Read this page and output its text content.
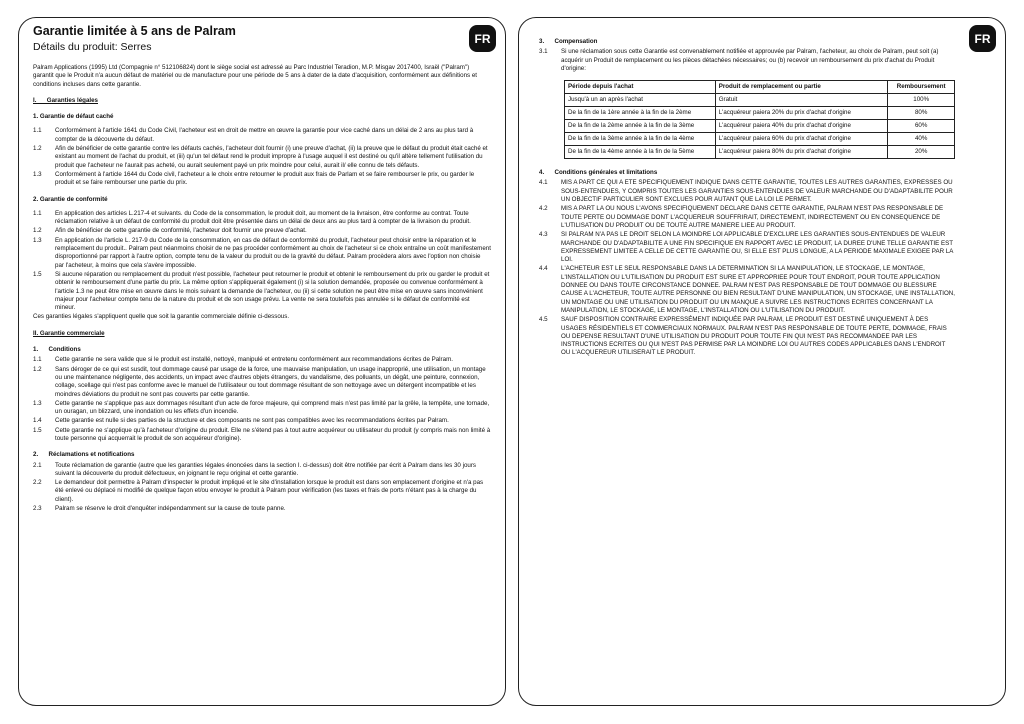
Garantie limitée à 5 ans de Palram
Détails du produit: Serres
FR

Palram Applications (1995) Ltd (Compagnie n° 512106824) dont le siège social est adressé au Parc Industriel Teradion, M.P. Misgav 2017400, Israël ("Palram") garantit que le Produit n'a aucun défaut de matériel ou de manufacture pour une période de 5 ans à dater de la date d'acquisition, conformément aux définitions et conditions incluses dans cette garantie.

I.      Garanties légales
1. Garantie de défaut caché
1.1	Conformément à l'article 1641 du Code Civil, l'acheteur est en droit de mettre en œuvre la garantie pour vice caché dans un délai de 2 ans au plus tard à compter de la découverte du défaut.
1.2	Afin de bénéficier de cette garantie contre les défauts cachés, l'acheteur doit fournir (i) une preuve d'achat, (ii) la preuve que le défaut du produit était caché et existant au moment de l'achat du produit, et (iii) qu'un tel défaut rend le produit impropre à l'usage auquel il est destiné ou qu'il altère tellement l'utilisation du produit que l'acheteur ne l'aurait pas acheté, ou aurait seulement payé un prix moindre pour celui, aurait il/ elle connu de tels défauts.
1.3	Conformément à l'article 1644 du Code civil, l'acheteur a le choix entre retourner le produit aux frais de Parlam et se faire rembourser le prix, ou garder le produit et se faire rembourser une partie du prix.
2. Garantie de conformité
1.1	En application des articles L.217-4 et suivants. du Code de la consommation, le produit doit, au moment de la livraison, être conforme au contrat. Toute réclamation relative à un défaut de conformité du produit doit être présentée dans un délai de deux ans au plus tard à compter de la livraison du produit.
1.2	Afin de bénéficier de cette garantie de conformité, l'acheteur doit fournir une preuve d'achat.
1.3	En application de l'article L. 217-9 du Code de la consommation, en cas de défaut de conformité du produit, l'acheteur peut choisir entre la réparation et le remplacement du produit.. Palram peut néanmoins choisir de ne pas procéder conformément au choix de l'acheteur si ce choix entraîne un coût manifestement disproportionné par rapport à l'autre option, compte tenu de la valeur du produit ou de la gravité du défaut. Palram procèdera alors avec l'option non choisie par l'acheteur, à moins que cela s'avère impossible.
1.5	Si aucune réparation ou remplacement du produit n'est possible, l'acheteur peut retourner le produit et obtenir le remboursement du prix ou garder le produit et obtenir le remboursement d'une partie du prix. La même option s'appliquerait également (i) si la solution demandée, proposée ou convenue conformément à l'article 1.3 ne peut être mise en œuvre dans le mois suivant la demande de l'acheteur, ou (ii) si cette solution ne peut être mise en œuvre sans inconvénient majeur pour l'acheteur compte tenu de la nature du produit et de son usage prévu. La vente ne sera toutefois pas annulée si le défaut de conformité est mineur.

Ces garanties légales s'appliquent quelle que soit la garantie commerciale définie ci-dessous.

II. Garantie commerciale
1.      Conditions
1.1	Cette garantie ne sera valide que si le produit est installé, nettoyé, manipulé et entretenu conformément aux recommandations écrites de Palram.
1.2	Sans déroger de ce qui est susdit, tout dommage causé par usage de la force, une mauvaise manipulation, un usage inapproprié, une utilisation, un montage ou une maintenance négligente, des accidents, un impact avec d'autres objets étrangers, du vandalisme, des polluants, un dégât, une peinture, connexion, collage, scellage qui n'est pas conforme avec le manuel de l'utilisateur ou tout dommage résultant de son nettoyage avec un détergent incompatible et les moindres déviations du produit ne sont pas couverts par cette garantie.
1.3	Cette garantie ne s'applique pas aux dommages résultant d'un acte de force majeure, qui comprend mais n'est pas limité par la grêle, la tempête, une tornade, un ouragan, un blizzard, une inondation ou les effets d'un incendie.
1.4	Cette garantie est nulle si des parties de la structure et des composants ne sont pas compatibles avec les recommandations écrites par Palram.
1.5	Cette garantie ne s'applique qu'à l'acheteur d'origine du produit. Elle ne s'étend pas à tout autre acquéreur ou utilisateur du produit (y compris mais non limité à toute personne qui acquerrait le produit de son acquéreur d'origine).
2.      Réclamations et notifications
2.1	Toute réclamation de garantie (autre que les garanties légales énoncées dans la section I. ci-dessus) doit être notifiée par écrit à Palram dans les 30 jours suivant la découverte du produit défectueux, en joignant le reçu original et cette garantie.
2.2	Le demandeur doit permettre à Palram d'inspecter le produit impliqué et le site d'installation lorsque le produit est dans son emplacement d'origine et n'a pas été enlevé ou déplacé ni modifié de quelque façon et/ou envoyer le produit à Palram pour vérification (les taxes et frais de ports n'étant pas à la charge du client).
2.3	Palram se réserve le droit d'enquêter indépendamment sur la cause de toute panne.
FR
3.      Compensation
3.1	Si une réclamation sous cette Garantie est convenablement notifiée et approuvée par Palram, l'acheteur, au choix de Palram, peut soit (a) acquérir un Produit de remplacement ou les pièces détachées nécessaires; ou (b) recevoir un remboursement du prix d'achat du Produit d'origine:
Période depuis l'achat	Produit de remplacement ou partie	Remboursement
Jusqu'à un an après l'achat	Gratuit	100%
De la fin de la 1ère année à la fin de la 2ème	L'acquéreur paiera 20% du prix d'achat d'origine	80%
De la fin de la 2ème année à la fin de la 3ème	L'acquéreur paiera 40% du prix d'achat d'origine	60%
De la fin de la 3ème année à la fin de la 4ème	L'acquéreur paiera 60% du prix d'achat d'origine	40%
De la fin de la 4ème année à la fin de la 5ème	L'acquéreur paiera 80% du prix d'achat d'origine	20%
4.      Conditions générales et limitations
4.1	MIS A PART CE QUI A ETE SPECIFIQUEMENT INDIQUE DANS CETTE GARANTIE, TOUTES LES AUTRES GARANTIES, EXPRESSES OU SOUS-ENTENDUES, Y COMPRIS TOUTES LES GARANTIES SOUS-ENTENDUES DE VALEUR MARCHANDE OU D'ADAPTABILITE POUR UN OBJECTIF PARTICULIER SONT EXCLUES POUR AUTANT QUE LA LOI LE PERMET.
4.2	MIS A PART LA OU NOUS L'AVONS SPECIFIQUEMENT DECLARE DANS CETTE GARANTIE, PALRAM N'EST PAS RESPONSABLE DE TOUTE PERTE OU DOMMAGE DONT L'ACQUEREUR SOUFFRIRAIT, DIRECTEMENT, INDIRECTEMENT OU EN CONSEQUENCE DE L'UTILISATION DU PRODUIT OU DE TOUTE AUTRE MANIERE LIEE AU PRODUIT.
4.3	SI PALRAM N'A PAS LE DROIT SELON LA MOINDRE LOI APPLICABLE D'EXCLURE LES GARANTIES SOUS-ENTENDUES DE VALEUR MARCHANDE OU D'ADAPTABILITE A UNE FIN SPECIFIQUE EN RAPPORT AVEC LE PRODUIT, LA DUREE D'UNE TELLE GARANTIE EST EXPRESSEMENT LIMITEE A CELLE DE CETTE GARANTIE OU, SI ELLE EST PLUS LONGUE, A LA PERIODE MAXIMALE EXIGEE PAR LA LOI.
4.4	L'ACHETEUR EST LE SEUL RESPONSABLE DANS LA DETERMINATION SI LA MANIPULATION, LE STOCKAGE, LE MONTAGE, L'INSTALLATION OU L'UTILISATION DU PRODUIT EST SURE ET APPROPRIEE POUR TOUT ENDROIT, POUR TOUTE APPLICATION DONNEE OU DANS TOUTE CIRCONSTANCE DONNEE. PALRAM N'EST PAS RESPONSABLE DE TOUT DOMMAGE OU BLESSURE CAUSE A L'ACHETEUR, TOUTE AUTRE PERSONNE OU BIEN RESULTANT D'UNE MANIPULATION, UN STOCKAGE, UNE INSTALLATION, UN MONTAGE OU UNE UTILISATION DU PRODUIT OU UN MANQUE A SUIVRE LES INSTRUCTIONS ECRITES CONCERNANT LA MANIPULATION, LE STOCKAGE, LE MONTAGE, L'INSTALLATION OU L'UTILISATION DU PRODUIT.
4.5	SAUF DISPOSITION CONTRAIRE EXPRESSÉMENT INDIQUÉE PAR PALRAM, LE PRODUIT EST DESTINÉ UNIQUEMENT À DES USAGES RÉSIDENTIELS ET COMMERCIAUX NORMAUX. PALRAM N'EST PAS RESPONSABLE DE TOUTE PERTE, DOMMAGE, FRAIS OU DEPENSE RESULTANT D'UNE UTILISATION DU PRODUIT POUR TOUTE FIN QUI N'EST PAS RECOMMANDEE PAR LES INSTRUCTIONS ECRITES OU QUI N'EST PAS PERMISE PAR LA MOINDRE LOI OU AUTRES CODES APPLICABLES DANS L'ENDROIT OU L'ACQUEREUR UTILISERAIT LE PRODUIT.
